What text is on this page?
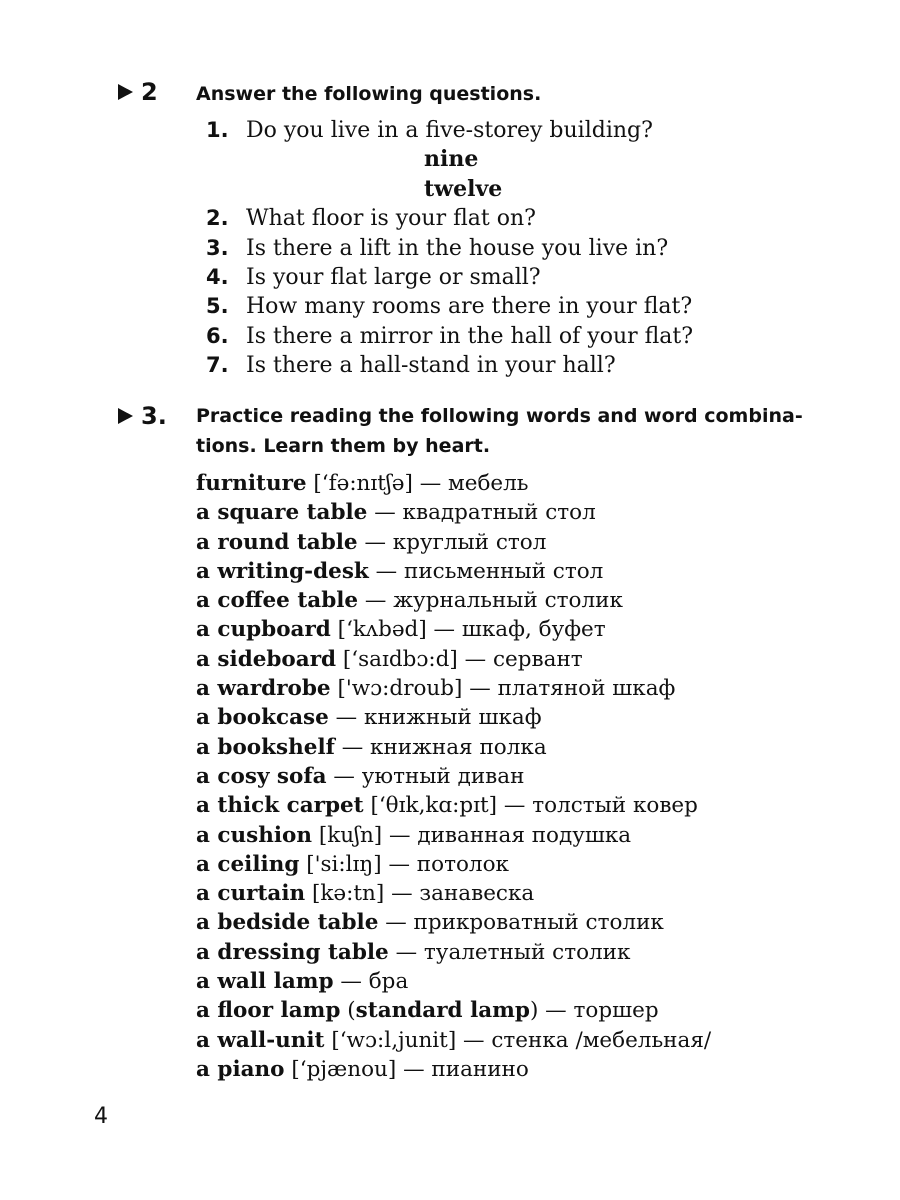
2 Answer the following questions.
1. Do you live in a five-storey building?
nine
twelve
2. What floor is your flat on?
3. Is there a lift in the house you live in?
4. Is your flat large or small?
5. How many rooms are there in your flat?
6. Is there a mirror in the hall of your flat?
7. Is there a hall-stand in your hall?
3. Practice reading the following words and word combina-tions. Learn them by heart.
furniture [‘fə:nɪtʃə] — мебель
a square table — квадратный стол
a round table — круглый стол
a writing-desk — письменный стол
a coffee table — журнальный столик
a cupboard [‘kʌbəd] — шкаф, буфет
a sideboard [‘saɪdbɔ:d] — сервант
a wardrobe ['wɔ:droub] — платяной шкаф
a bookcase — книжный шкаф
a bookshelf — книжная полка
a cosy sofa — уютный диван
a thick carpet [‘θɪk‚kɑ:pɪt] — толстый ковер
a cushion [kuʃn] — диванная подушка
a ceiling ['si:lɪŋ] — потолок
a curtain [kə:tn] — занавеска
a bedside table — прикроватный столик
a dressing table — туалетный столик
a wall lamp — бра
a floor lamp (standard lamp) — торшер
a wall-unit [‘wɔ:l‚junit] — стенка /мебельная/
a piano [‘pjænou] — пианино
4
